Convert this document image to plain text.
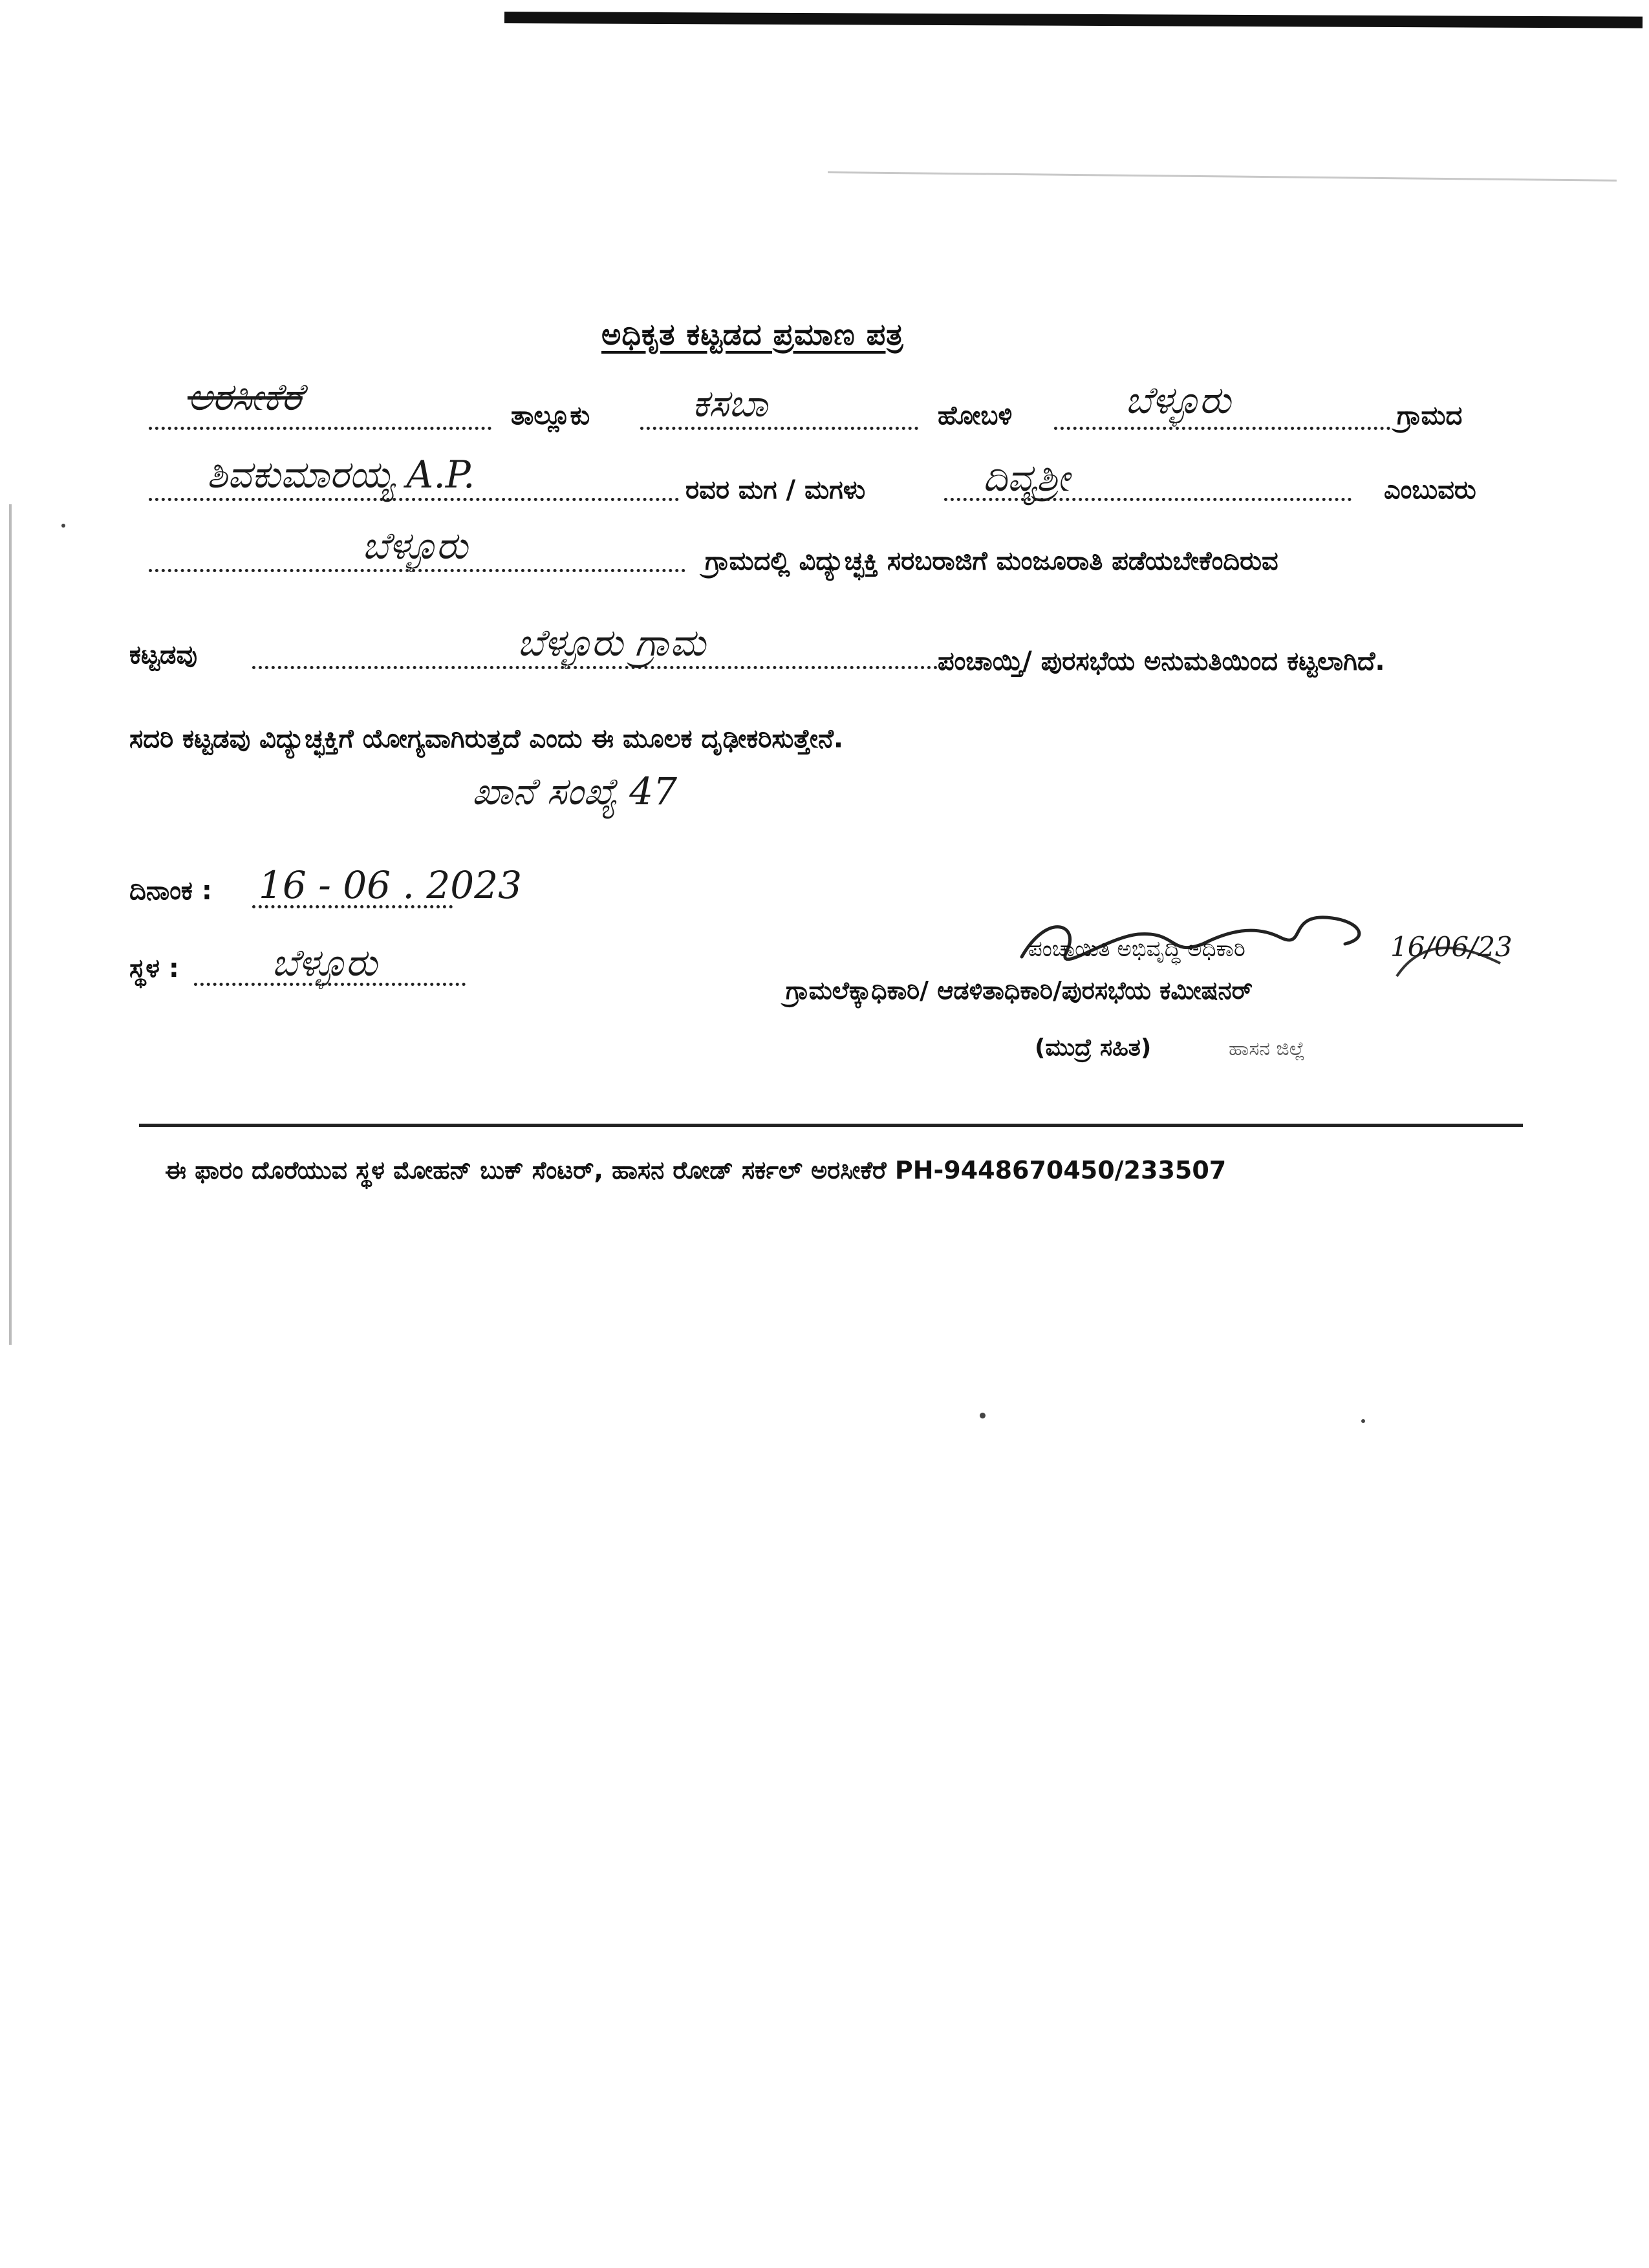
ಅಧಿಕೃತ ಕಟ್ಟಡದ ಪ್ರಮಾಣ ಪತ್ರ
ಅರಸೀಕೆರೆ	ತಾಲ್ಲೂಕು	ಕಸಬಾ	ಹೋಬಳಿ	ಬೆಳ್ಳೂರು	ಗ್ರಾಮದ
ಶಿವಕುಮಾರಯ್ಯ A.P.	ರವರ ಮಗ / ಮಗಳು	ದಿವ್ಯಶ್ರೀ	ಎಂಬುವರು
ಬೆಳ್ಳೂರು	ಗ್ರಾಮದಲ್ಲಿ ವಿದ್ಯುಚ್ಛಕ್ತಿ ಸರಬರಾಜಿಗೆ ಮಂಜೂರಾತಿ ಪಡೆಯಬೇಕೆಂದಿರುವ
ಕಟ್ಟಡವು	ಬೆಳ್ಳೂರು ಗ್ರಾಮ	ಪಂಚಾಯ್ತಿ/ ಪುರಸಭೆಯ ಅನುಮತಿಯಿಂದ ಕಟ್ಟಲಾಗಿದೆ.
ಸದರಿ ಕಟ್ಟಡವು ವಿದ್ಯುಚ್ಛಕ್ತಿಗೆ ಯೋಗ್ಯವಾಗಿರುತ್ತದೆ ಎಂದು ಈ ಮೂಲಕ ದೃಢೀಕರಿಸುತ್ತೇನೆ.
ಖಾನೆ ಸಂಖ್ಯೆ 47
ದಿನಾಂಕ : 16 - 06 . 2023
ಸ್ಥಳ : ಬೆಳ್ಳೂರು	ಪಂಚಾಯಿತಿ ಅಭಿವೃದ್ಧಿ ಅಧಿಕಾರಿ	16/06/23
ಗ್ರಾಮಲೆಕ್ಕಾಧಿಕಾರಿ/ ಆಡಳಿತಾಧಿಕಾರಿ/ಪುರಸಭೆಯ ಕಮೀಷನರ್
(ಮುದ್ರೆ ಸಹಿತ)	ಹಾಸನ ಜಿಲ್ಲೆ
ಈ ಫಾರಂ ದೊರೆಯುವ ಸ್ಥಳ ಮೋಹನ್ ಬುಕ್ ಸೆಂಟರ್, ಹಾಸನ ರೋಡ್ ಸರ್ಕಲ್ ಅರಸೀಕೆರೆ PH-9448670450/233507
